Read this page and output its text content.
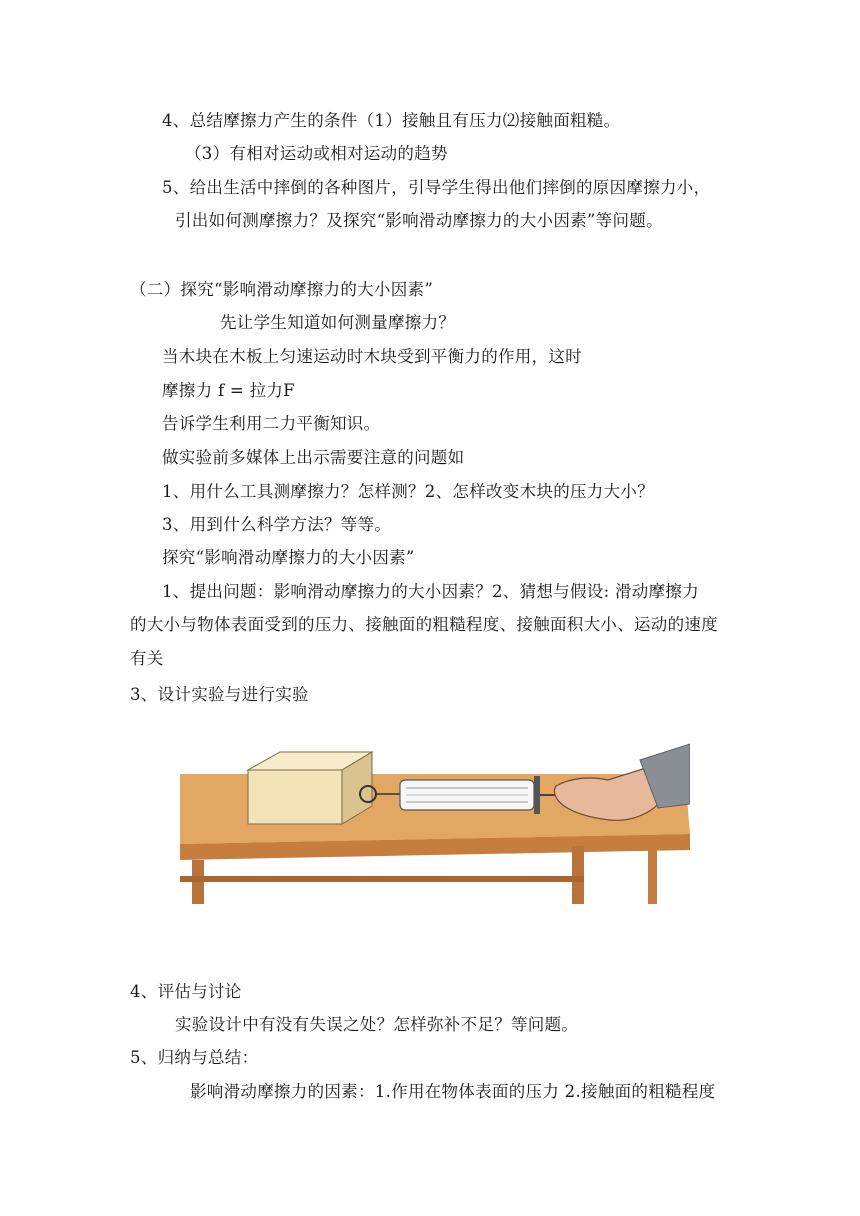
4、总结摩擦力产生的条件（1）接触且有压力⑵接触面粗糙。
（3）有相对运动或相对运动的趋势
5、给出生活中摔倒的各种图片，引导学生得出他们摔倒的原因摩擦力小，
引出如何测摩擦力？及探究“影响滑动摩擦力的大小因素”等问题。
（二）探究“影响滑动摩擦力的大小因素”
先让学生知道如何测量摩擦力？
当木块在木板上匀速运动时木块受到平衡力的作用，这时
摩擦力 f = 拉力F
告诉学生利用二力平衡知识。
做实验前多媒体上出示需要注意的问题如
1、用什么工具测摩擦力？怎样测？2、怎样改变木块的压力大小？
3、用到什么科学方法？等等。
探究“影响滑动摩擦力的大小因素”
1、提出问题：影响滑动摩擦力的大小因素？2、猜想与假设: 滑动摩擦力
的大小与物体表面受到的压力、接触面的粗糙程度、接触面积大小、运动的速度
有关
3、设计实验与进行实验
4、评估与讨论
实验设计中有没有失误之处？怎样弥补不足？等问题。
5、归纳与总结：
影响滑动摩擦力的因素：1.作用在物体表面的压力 2.接触面的粗糙程度
